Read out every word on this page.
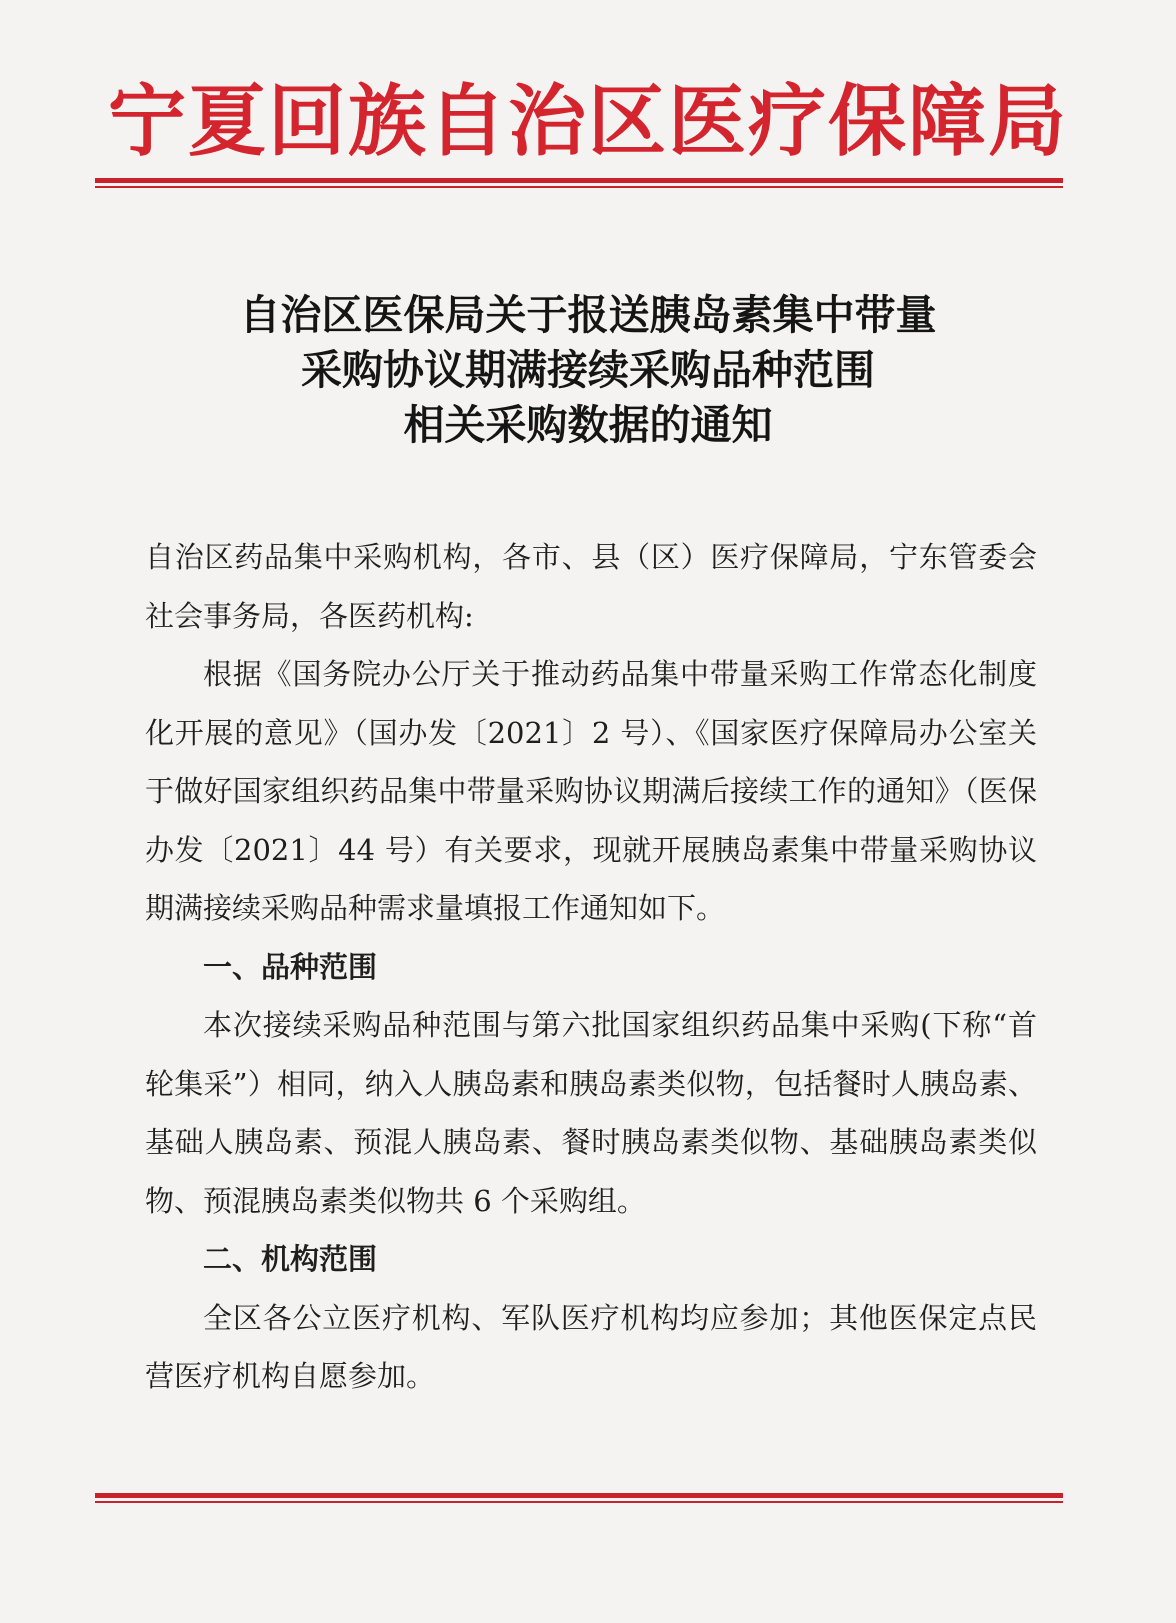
宁夏回族自治区医疗保障局
自治区医保局关于报送胰岛素集中带量
采购协议期满接续采购品种范围
相关采购数据的通知

自治区药品集中采购机构，各市、县（区）医疗保障局，宁东管委会社会事务局，各医药机构:

根据《国务院办公厅关于推动药品集中带量采购工作常态化制度化开展的意见》（国办发〔2021〕2 号）、《国家医疗保障局办公室关于做好国家组织药品集中带量采购协议期满后接续工作的通知》（医保办发〔2021〕44 号）有关要求，现就开展胰岛素集中带量采购协议期满接续采购品种需求量填报工作通知如下。

一、品种范围

本次接续采购品种范围与第六批国家组织药品集中采购(下称“首轮集采”）相同，纳入人胰岛素和胰岛素类似物，包括餐时人胰岛素、基础人胰岛素、预混人胰岛素、餐时胰岛素类似物、基础胰岛素类似物、预混胰岛素类似物共 6 个采购组。

二、机构范围

全区各公立医疗机构、军队医疗机构均应参加；其他医保定点民营医疗机构自愿参加。
